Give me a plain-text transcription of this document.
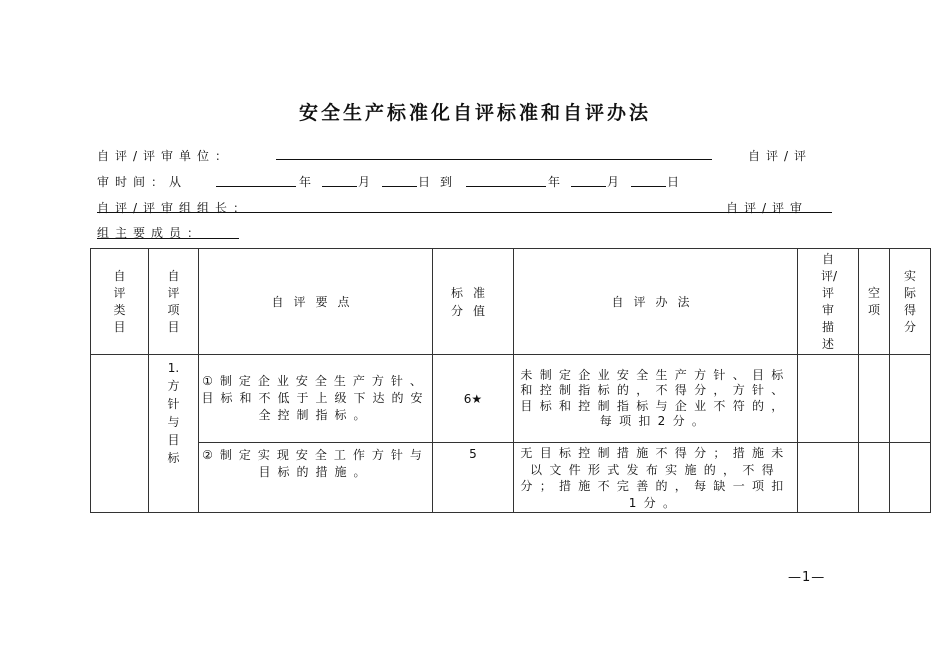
安全生产标准化自评标准和自评办法
自评/评审单位：	自评/评
审时间：从	年	月	日 到	年	月	日
自评/评审组组长：	自评/评审
组主要成员：
自评类目	自评项目	自评要点	标准分值	自评办法	自评/评审描述	空项	实际得分
	1.方针与目标	①制定企业安全生产方针、目标和不低于上级下达的安全控制指标。	6★	未制定企业安全生产方针、目标和控制指标的，不得分，方针、目标和控制指标与企业不符的，每项扣2分。			
		②制定实现安全工作方针与目标的措施。	5	无目标控制措施不得分；措施未以文件形式发布实施的，不得分；措施不完善的，每缺一项扣1分。			
—1—
